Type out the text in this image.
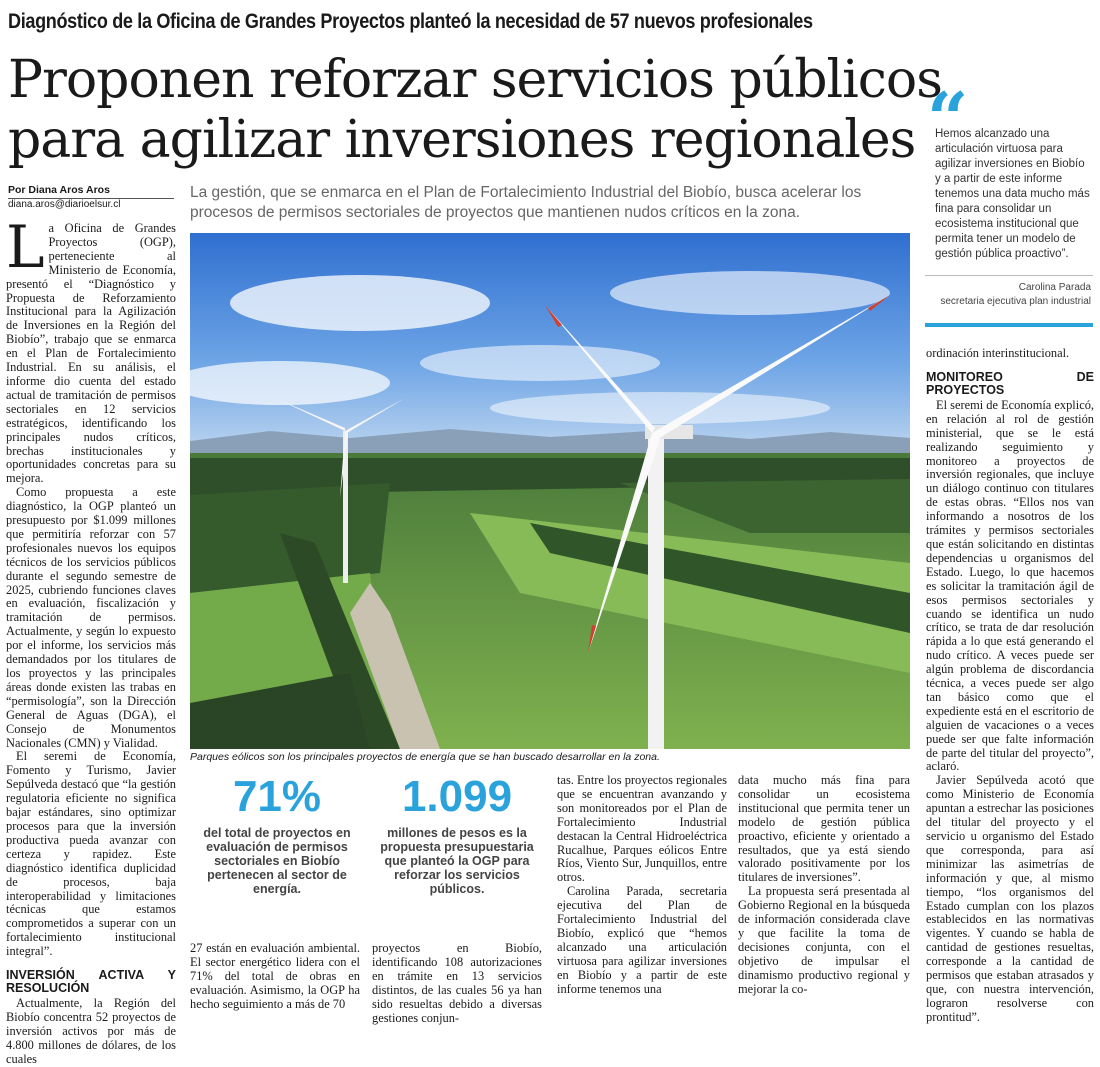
Diagnóstico de la Oficina de Grandes Proyectos planteó la necesidad de 57 nuevos profesionales
Proponen reforzar servicios públicos
para agilizar inversiones regionales
Por Diana Aros Aros
diana.aros@diarioelsur.cl
La gestión, que se enmarca en el Plan de Fortalecimiento Industrial del Biobío, busca acelerar los procesos de permisos sectoriales de proyectos que mantienen nudos críticos en la zona.

La Oficina de Grandes Proyectos (OGP), perteneciente al Ministerio de Economía, presentó el “Diagnóstico y Propuesta de Reforzamiento Institucional para la Agilización de Inversiones en la Región del Biobío”, trabajo que se enmarca en el Plan de Fortalecimiento Industrial. En su análisis, el informe dio cuenta del estado actual de tramitación de permisos sectoriales en 12 servicios estratégicos, identificando los principales nudos críticos, brechas institucionales y oportunidades concretas para su mejora.

Como propuesta a este diagnóstico, la OGP planteó un presupuesto por $1.099 millones que permitiría reforzar con 57 profesionales nuevos los equipos técnicos de los servicios públicos durante el segundo semestre de 2025, cubriendo funciones claves en evaluación, fiscalización y tramitación de permisos. Actualmente, y según lo expuesto por el informe, los servicios más demandados por los titulares de los proyectos y las principales áreas donde existen las trabas en “permisología”, son la Dirección General de Aguas (DGA), el Consejo de Monumentos Nacionales (CMN) y Vialidad.

El seremi de Economía, Fomento y Turismo, Javier Sepúlveda destacó que “la gestión regulatoria eficiente no significa bajar estándares, sino optimizar procesos para que la inversión productiva pueda avanzar con certeza y rapidez. Este diagnóstico identifica duplicidad de procesos, baja interoperabilidad y limitaciones técnicas que estamos comprometidos a superar con un fortalecimiento institucional integral”.

INVERSIÓN ACTIVA Y RESOLUCIÓN

Actualmente, la Región del Biobío concentra 52 proyectos de inversión activos por más de 4.800 millones de dólares, de los cuales

Parques eólicos son los principales proyectos de energía que se han buscado desarrollar en la zona.
71%
del total de proyectos en evaluación de permisos sectoriales en Biobío pertenecen al sector de energía.
1.099
millones de pesos es la propuesta presupuestaria que planteó la OGP para reforzar los servicios públicos.

27 están en evaluación ambiental. El sector energético lidera con el 71% del total de obras en evaluación. Asimismo, la OGP ha hecho seguimiento a más de 70

tas. Entre los proyectos regionales que se encuentran avanzando y son monitoreados por el Plan de Fortalecimiento Industrial destacan la Central Hidroeléctrica Rucalhue, Parques eólicos Entre Ríos, Viento Sur, Junquillos, entre otros.

Carolina Parada, secretaria ejecutiva del Plan de Fortalecimiento Industrial del Biobío, explicó que “hemos alcanzado una articulación virtuosa para agilizar inversiones en Biobío y a partir de este informe tenemos una

proyectos en Biobío, identificando 108 autorizaciones en trámite en 13 servicios distintos, de las cuales 56 ya han sido resueltas debido a diversas gestiones conjun-

data mucho más fina para consolidar un ecosistema institucional que permita tener un modelo de gestión pública proactivo, eficiente y orientado a resultados, que ya está siendo valorado positivamente por los titulares de inversiones”.

La propuesta será presentada al Gobierno Regional en la búsqueda de información considerada clave y que facilite la toma de decisiones conjunta, con el objetivo de impulsar el dinamismo productivo regional y mejorar la co-

“
Hemos alcanzado una articulación virtuosa para agilizar inversiones en Biobío y a partir de este informe tenemos una data mucho más fina para consolidar un ecosistema institucional que permita tener un modelo de gestión pública proactivo”.
Carolina Parada
secretaria ejecutiva plan industrial

ordinación interinstitucional.

MONITOREO DE PROYECTOS

El seremi de Economía explicó, en relación al rol de gestión ministerial, que se le está realizando seguimiento y monitoreo a proyectos de inversión regionales, que incluye un diálogo continuo con titulares de estas obras. “Ellos nos van informando a nosotros de los trámites y permisos sectoriales que están solicitando en distintas dependencias u organismos del Estado. Luego, lo que hacemos es solicitar la tramitación ágil de esos permisos sectoriales y cuando se identifica un nudo crítico, se trata de dar resolución rápida a lo que está generando el nudo crítico. A veces puede ser algún problema de discordancia técnica, a veces puede ser algo tan básico como que el expediente está en el escritorio de alguien de vacaciones o a veces puede ser que falte información de parte del titular del proyecto”, aclaró.

Javier Sepúlveda acotó que como Ministerio de Economía apuntan a estrechar las posiciones del titular del proyecto y el servicio u organismo del Estado que corresponda, para así minimizar las asimetrías de información y que, al mismo tiempo, “los organismos del Estado cumplan con los plazos establecidos en las normativas vigentes. Y cuando se habla de cantidad de gestiones resueltas, corresponde a la cantidad de permisos que estaban atrasados y que, con nuestra intervención, lograron resolverse con prontitud”.
